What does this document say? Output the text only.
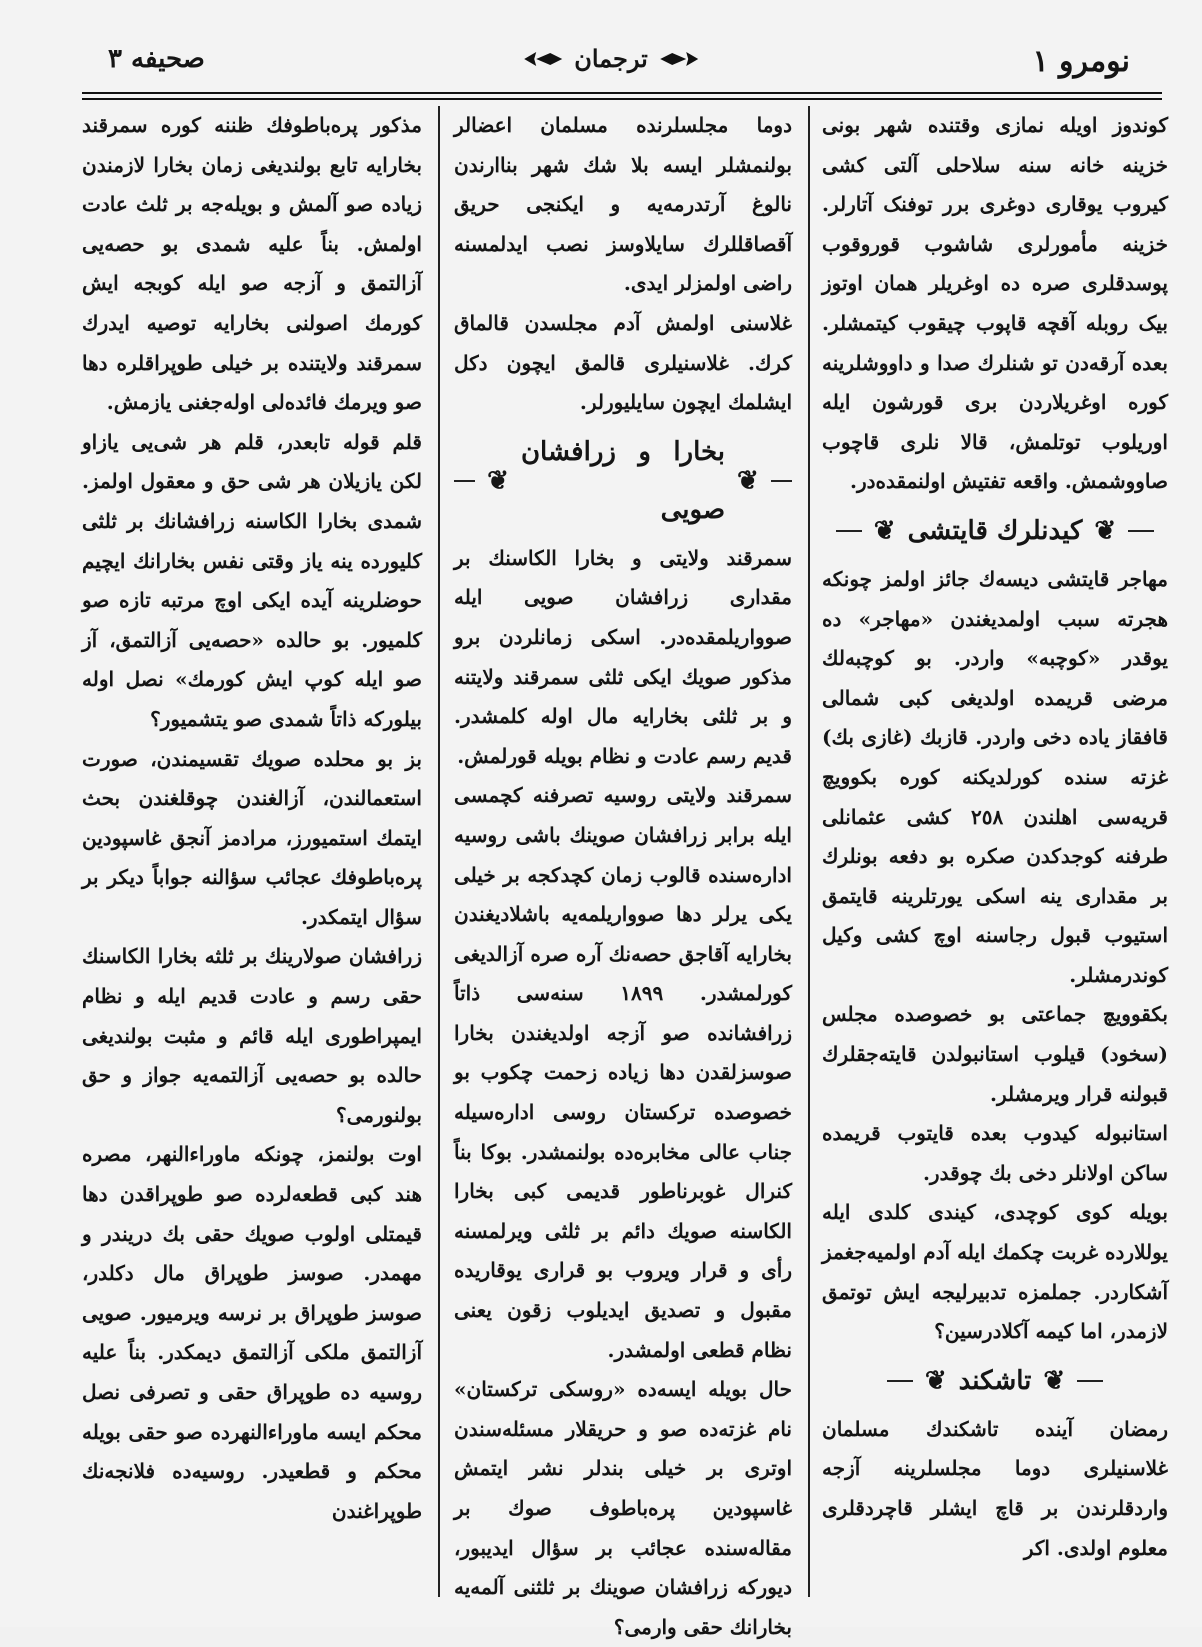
نومرو ١
ترجمان
صحیفه ٣

کوندوز اویله نمازی وقتنده شهر بونی خزینه خانه سنه سلاحلی آلتی کشی کیروب یوقاری دوغری برر توفنک آتارلر. خزینه مأمورلری شاشوب قوروقوب پوسدقلری صره ده اوغریلر همان اوتوز بیک روبله آقچه قاپوب چیقوب کیتمشلر. بعده آرقه‌دن تو‌ شنلرك صدا و داووشلرینه کوره اوغریلاردن بری قورشون ایله اوریلوب توتلمش، قالا نلری قاچوب صاووشمش. واقعه تفتیش اولنمقده‌در.

❦
کیدنلرك قایتشی
❦

مهاجر قایتشی دیسه‌ك جائز اولمز چونکه هجرته سبب اولمدیغندن «مهاجر» ده یوقدر «کوچبه» واردر. بو کوچبه‌لك مرضی قریمده اولدیغی کبی شمالی قافقاز یاده دخی واردر. قازبك (غازی بك) غزته سنده کورلدیکنه کوره بکوویچ قریه‌سی اهلندن ٢٥٨ کشی عثمانلی طرفنه کوجدکدن صکره بو دفعه بونلرك بر مقداری ینه اسکی یورتلرینه قایتمق استیوب قبول رجاسنه اوچ کشی وکیل کوندرمشلر.

بکقوویچ جماعتی بو خصوصده مجلس (سخود) قیلوب استانبولدن قایته‌جقلرك قبولنه قرار ویرمشلر.

استانبوله کیدوب بعده قایتوب قریمده ساکن اولانلر دخی بك چوقدر.

بویله کوی کوچدی، کیندی کلدی ایله یوللارده غربت چکمك ایله آدم اولمیه‌جغمز آشکاردر. جملمزه تدبیرلیجه ایش توتمق لازمدر، اما کیمه آکلادرسین؟

❦
تاشکند
❦

رمضان آینده تاشکندك مسلمان غلاسنیلری دوما مجلسلرینه آزجه واردقلرندن بر قاچ ایشلر قاچردقلری معلوم اولدی. اکر

دوما مجلسلرنده مسلمان اعضالر بولنمشلر ایسه بلا شك شهر بناارندن نالوغ آرتدرمه‌یه و ایکنجی حریق آقصاقللرك سایلاوسز نصب ایدلمسنه راضی اولمزلر ایدی.

غلاسنی اولمش آدم مجلسدن قالماق کرك. غلاسنیلری قالمق ایچون دکل ایشلمك ایچون سایلیورلر.

❦
بخارا و زرافشان صویی
❦

سمرقند ولایتی و بخارا الکاسنك بر مقداری زرافشان صویی ایله صوواریلمقده‌در. اسکی زمانلردن برو مذکور صویك ایکی ثلثی سمرقند ولایتنه و بر ثلثی بخارایه مال اوله کلمشدر. قدیم رسم عادت و نظام بویله قورلمش.

سمرقند ولایتی روسیه تصرفنه کچمسی ایله برابر زرافشان صوینك باشی روسیه اداره‌سنده قالوب زمان کچدکجه بر خیلی یکی یرلر دها صوواریلمه‌یه باشلادیغندن بخارایه آقاجق حصه‌نك آره صره آزالدیغی کورلمشدر. ١٨٩٩ سنه‌سی ذاتاً زرافشانده صو آزجه اولدیغندن بخارا صوسزلقدن دها زیاده زحمت چکوب بو خصوصده ترکستان روسی اداره‌سیله جناب عالی مخابره‌ده بولنمشدر. بوکا بناً کنرال غوبرناطور قدیمی کبی بخارا الکاسنه صویك دائم بر ثلثی ویرلمسنه رأی و قرار ویروب بو قراری یوقاریده مقبول و تصدیق ایدیلوب زقون یعنی نظام قطعی اولمشدر.

حال بویله ایسه‌ده «روسکی ترکستان» نام غزته‌ده صو و حریقلار مسئله‌سندن اوتری بر خیلی بندلر نشر ایتمش غاسپودین پره‌باطوف صوك بر مقاله‌سنده عجائب بر سؤال ایدیبور، دیورکه زرافشان صوینك بر ثلثنی آلمه‌یه بخارانك حقی وارمی؟

مذکور پره‌باطوفك ظننه کوره سمرقند بخارایه تابع بولندیغی زمان بخارا لازمندن زیاده صو آلمش و بویله‌جه بر ثلث عادت اولمش. بناً علیه شمدی بو حصه‌یی آزالتمق و آزجه صو ایله کوبجه ایش کورمك اصولنی بخارایه توصیه ایدرك سمرقند ولایتنده بر خیلی طوپراقلره دها صو ویرمك فائده‌لی اوله‌جغنی یازمش.

قلم قوله تابعدر، قلم هر شی‌یی یازاو لکن یازیلان هر شی حق و معقول اولمز. شمدی بخارا الکاسنه زرافشانك بر ثلثی کلیورده ینه یاز وقتی نفس بخارانك ایچیم حوضلرینه آیده ایکی اوچ مرتبه تازه صو کلمیور. بو حالده «حصه‌یی آزالتمق، آز صو ایله کوپ ایش کورمك» نصل اوله بیلورکه ذاتاً شمدی صو یتشمیور؟

بز بو محلده صویك تقسیمندن، صورت استعمالندن، آزالغندن چوقلغندن بحث ایتمك استمیورز، مرادمز آنجق غاسپودین پره‌باطوفك عجائب سؤالنه جواباً دیکر بر سؤال ایتمکدر.

زرافشان صولارینك بر ثلثه بخارا الکاسنك حقی رسم و عادت قدیم ایله و نظام ایمپراطوری ایله قائم و مثبت بولندیغی حالده بو حصه‌یی آزالتمه‌یه جواز و حق بولنورمی؟

اوت بولنمز، چونکه ماوراءالنهر، مصره هند کبی قطعه‌لرده صو طوپراقدن دها قیمتلی اولوب صویك حقی بك دریندر و مهمدر. صوسز طوپراق مال دکلدر، صوسز طوپراق بر نرسه ویرمیور. صویی آزالتمق ملکی آزالتمق دیمکدر. بناً علیه روسیه ده طوپراق حقی و تصرفی نصل محکم ایسه ماوراءالنهرده صو حقی بویله محکم و قطعیدر. روسیه‌ده فلانجه‌نك طوپراغندن
